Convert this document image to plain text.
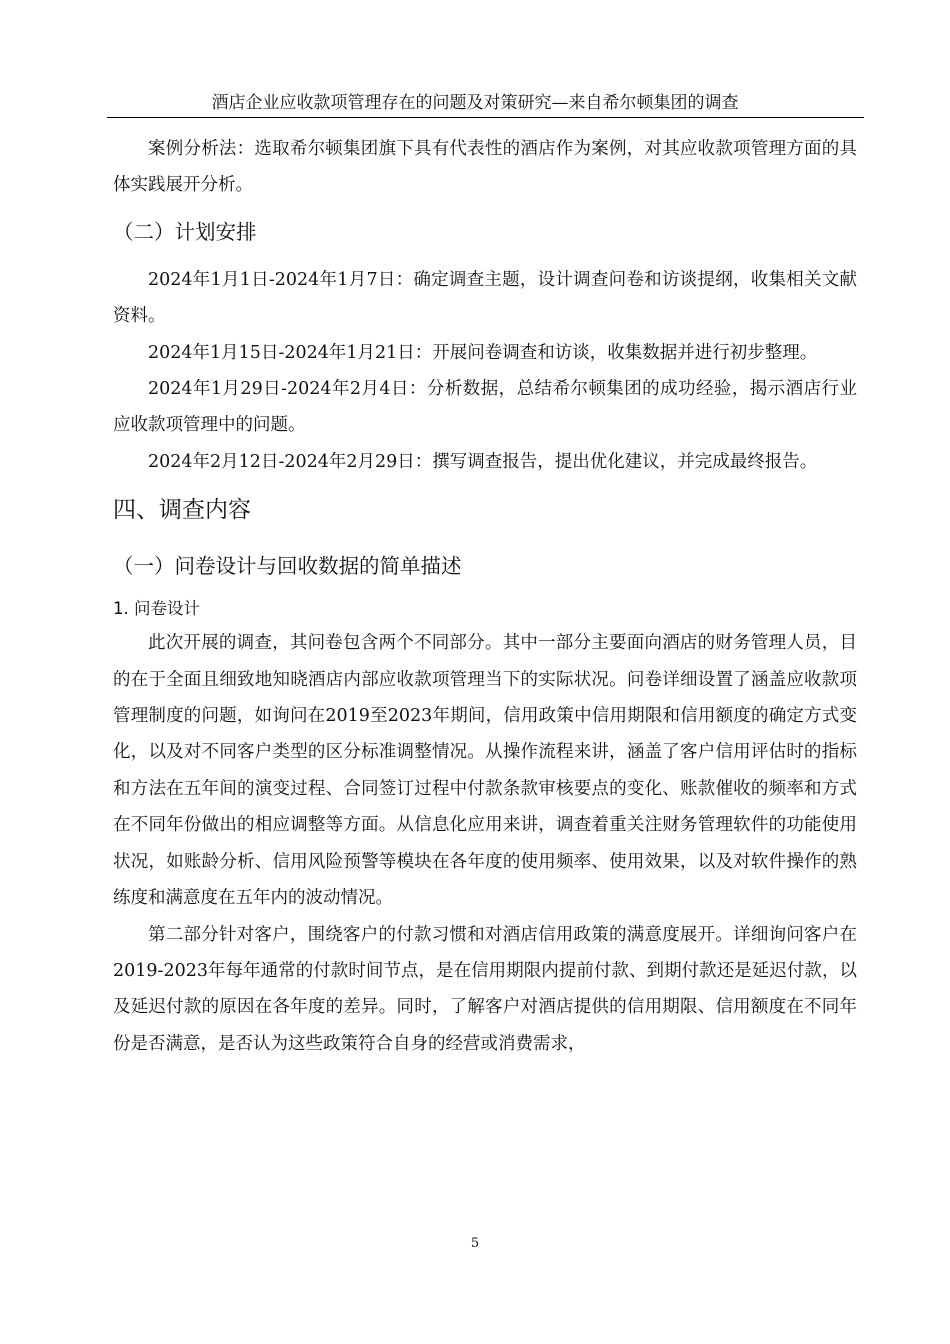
酒店企业应收款项管理存在的问题及对策研究—来自希尔顿集团的调查

案例分析法：选取希尔顿集团旗下具有代表性的酒店作为案例，对其应收款项管理方面的具体实践展开分析。

（二）计划安排

2024年1月1日-2024年1月7日：确定调查主题，设计调查问卷和访谈提纲，收集相关文献资料。

2024年1月15日-2024年1月21日：开展问卷调查和访谈，收集数据并进行初步整理。

2024年1月29日-2024年2月4日：分析数据，总结希尔顿集团的成功经验，揭示酒店行业应收款项管理中的问题。

2024年2月12日-2024年2月29日：撰写调查报告，提出优化建议，并完成最终报告。

四、调查内容
（一）问卷设计与回收数据的简单描述
1. 问卷设计

此次开展的调查，其问卷包含两个不同部分。其中一部分主要面向酒店的财务管理人员，目的在于全面且细致地知晓酒店内部应收款项管理当下的实际状况。问卷详细设置了涵盖应收款项管理制度的问题，如询问在2019至2023年期间，信用政策中信用期限和信用额度的确定方式变化，以及对不同客户类型的区分标准调整情况。从操作流程来讲，涵盖了客户信用评估时的指标和方法在五年间的演变过程、合同签订过程中付款条款审核要点的变化、账款催收的频率和方式在不同年份做出的相应调整等方面。从信息化应用来讲，调查着重关注财务管理软件的功能使用状况，如账龄分析、信用风险预警等模块在各年度的使用频率、使用效果，以及对软件操作的熟练度和满意度在五年内的波动情况。

第二部分针对客户，围绕客户的付款习惯和对酒店信用政策的满意度展开。详细询问客户在2019-2023年每年通常的付款时间节点，是在信用期限内提前付款、到期付款还是延迟付款，以及延迟付款的原因在各年度的差异。同时，了解客户对酒店提供的信用期限、信用额度在不同年份是否满意，是否认为这些政策符合自身的经营或消费需求，

5
